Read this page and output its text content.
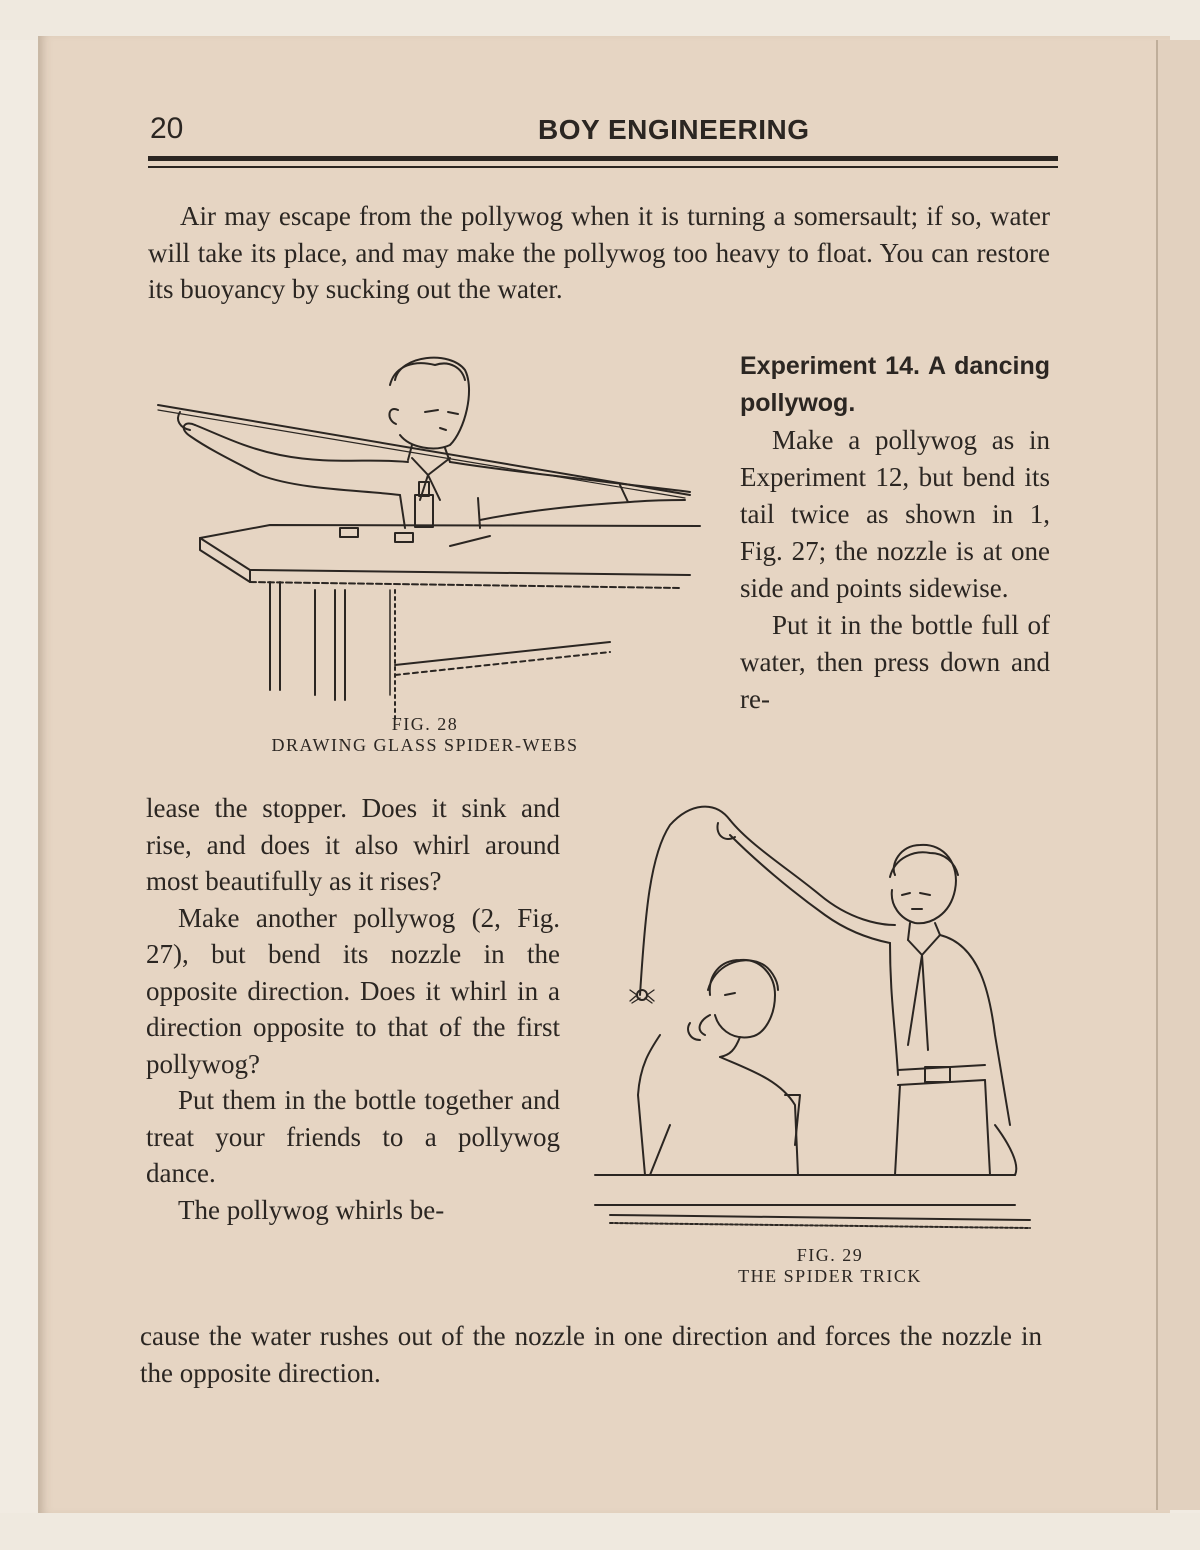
20	BOY ENGINEERING
Air may escape from the pollywog when it is turning a somersault; if so, water will take its place, and may make the pollywog too heavy to float. You can restore its buoyancy by sucking out the water.
FIG. 28
DRAWING GLASS SPIDER-WEBS
Experiment 14. A dancing pollywog.
Make a pollywog as in Experiment 12, but bend its tail twice as shown in 1, Fig. 27; the nozzle is at one side and points sidewise.
Put it in the bottle full of water, then press down and re-
lease the stopper. Does it sink and rise, and does it also whirl around most beautifully as it rises?
Make another pollywog (2, Fig. 27), but bend its nozzle in the opposite direction. Does it whirl in a direction opposite to that of the first pollywog?
Put them in the bottle together and treat your friends to a pollywog dance.
The pollywog whirls be-
FIG. 29
THE SPIDER TRICK
cause the water rushes out of the nozzle in one direction and forces the nozzle in the opposite direction.
